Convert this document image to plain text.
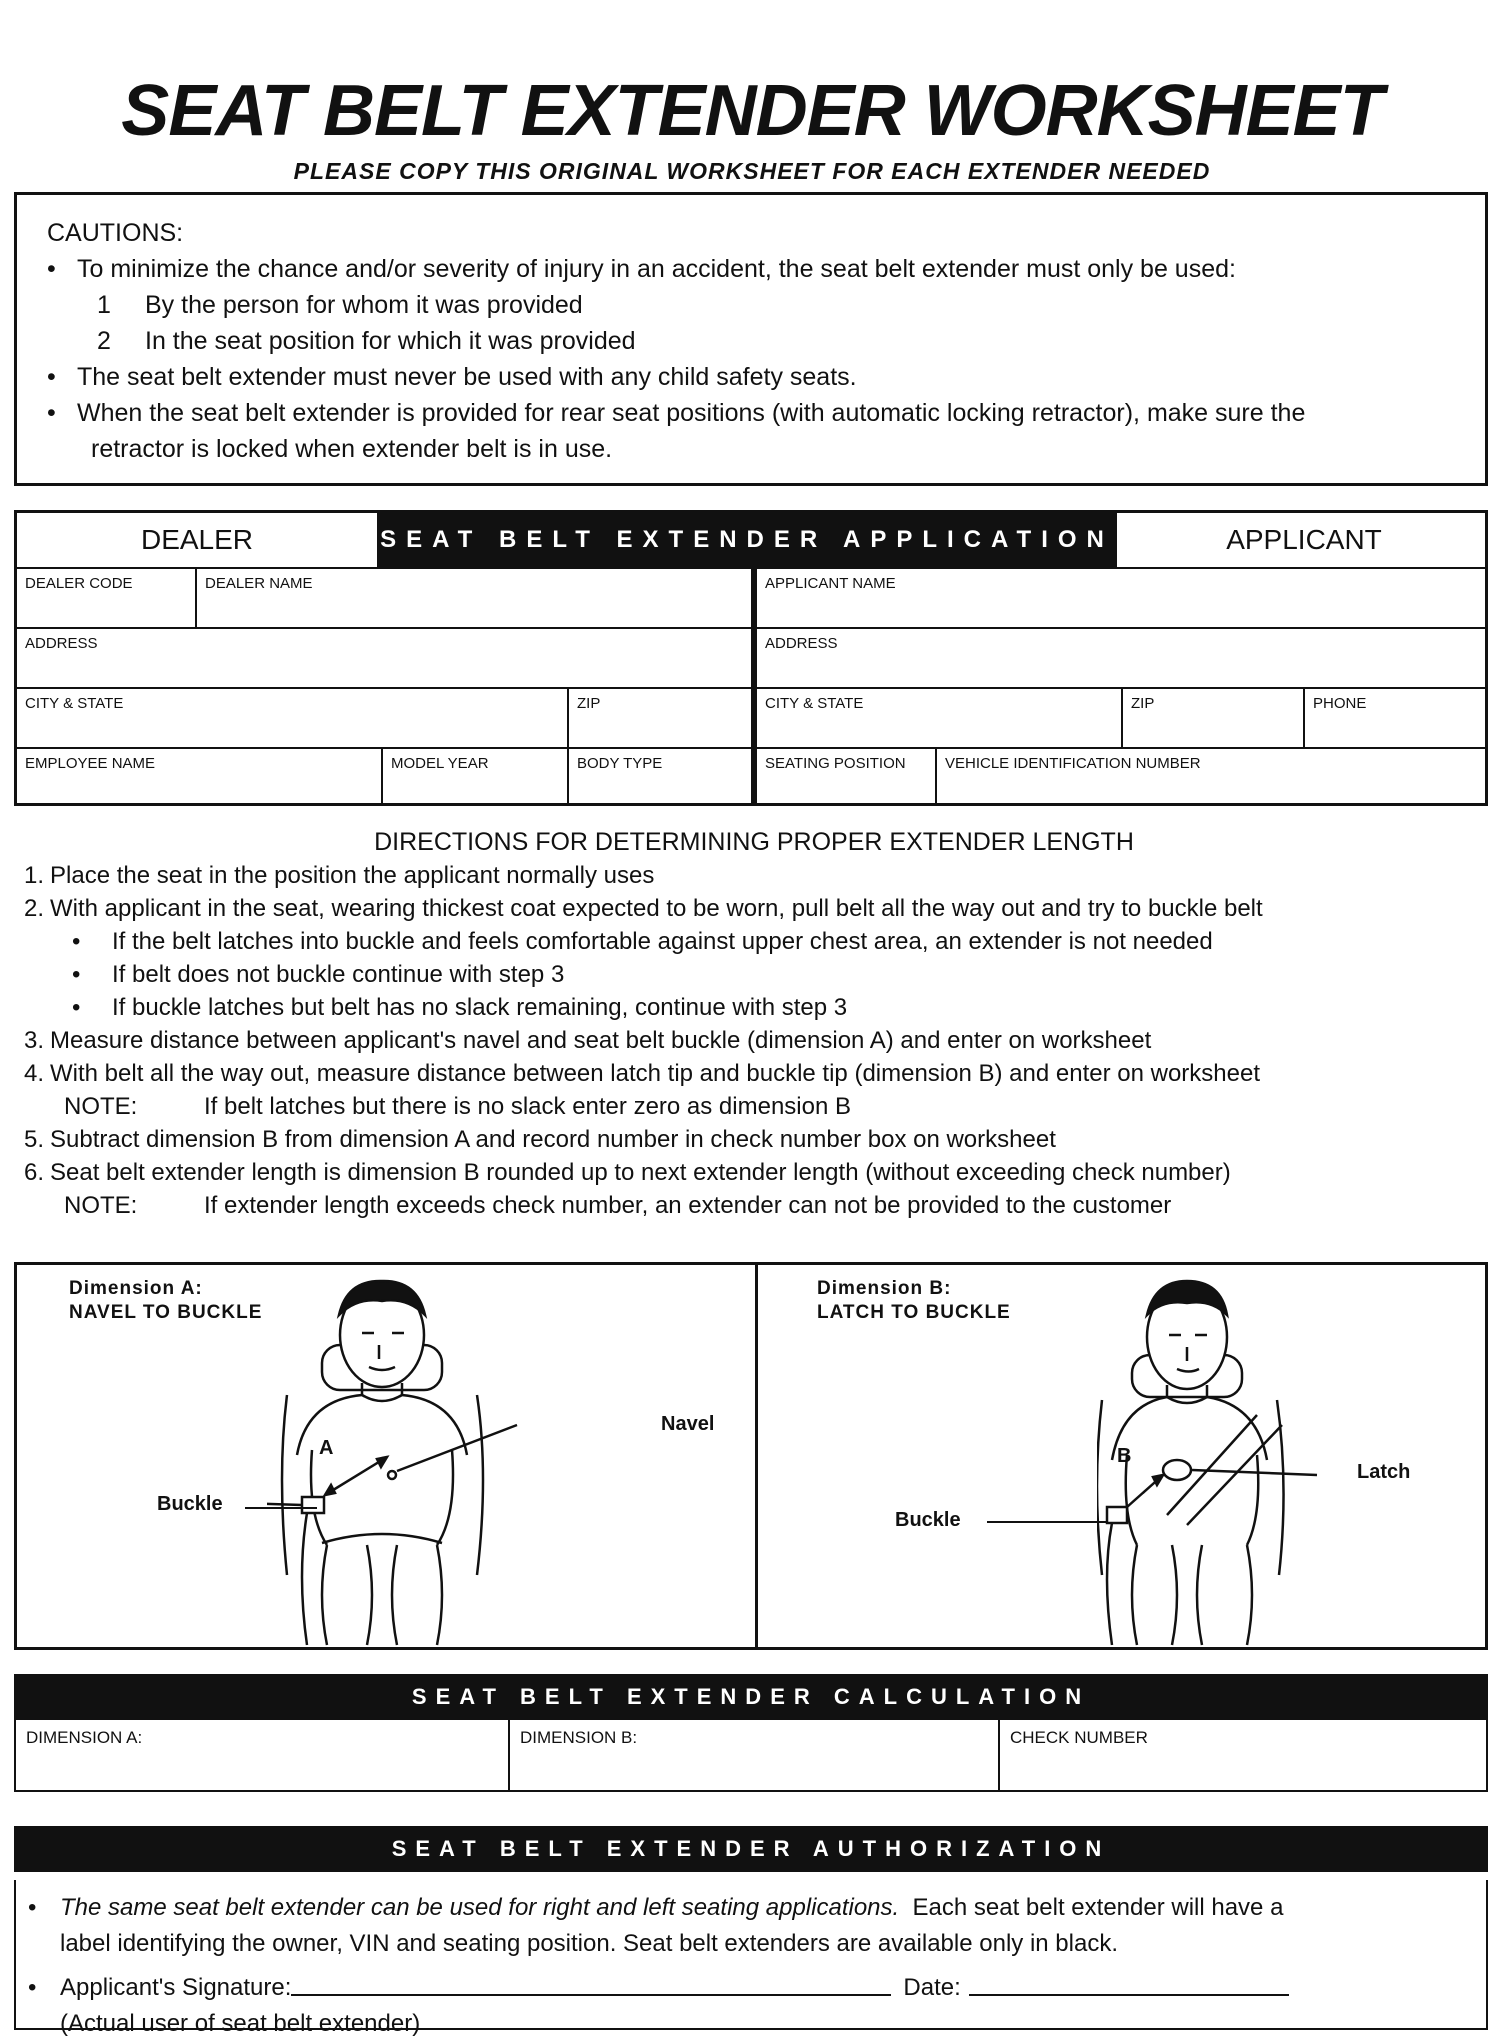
SEAT BELT EXTENDER WORKSHEET
PLEASE COPY THIS ORIGINAL WORKSHEET FOR EACH EXTENDER NEEDED
CAUTIONS:
• To minimize the chance and/or severity of injury in an accident, the seat belt extender must only be used:
1	By the person for whom it was provided
2	In the seat position for which it was provided
• The seat belt extender must never be used with any child safety seats.
• When the seat belt extender is provided for rear seat positions (with automatic locking retractor), make sure the
retractor is locked when extender belt is in use.
DEALER	SEAT BELT EXTENDER APPLICATION	APPLICANT
DEALER CODE	DEALER NAME
ADDRESS
CITY & STATE	ZIP
EMPLOYEE NAME	MODEL YEAR	BODY TYPE
APPLICANT NAME
ADDRESS
CITY & STATE	ZIP	PHONE
SEATING POSITION	VEHICLE IDENTIFICATION NUMBER
DIRECTIONS FOR DETERMINING PROPER EXTENDER LENGTH
1. Place the seat in the position the applicant normally uses
2. With applicant in the seat, wearing thickest coat expected to be worn, pull belt all the way out and try to buckle belt
•	If the belt latches into buckle and feels comfortable against upper chest area, an extender is not needed
•	If belt does not buckle continue with step 3
•	If buckle latches but belt has no slack remaining, continue with step 3
3. Measure distance between applicant's navel and seat belt buckle (dimension A) and enter on worksheet
4. With belt all the way out, measure distance between latch tip and buckle tip (dimension B) and enter on worksheet
NOTE:	If belt latches but there is no slack enter zero as dimension B
5. Subtract dimension B from dimension A and record number in check number box on worksheet
6. Seat belt extender length is dimension B rounded up to next extender length (without exceeding check number)
NOTE:	If extender length exceeds check number, an extender can not be provided to the customer
Dimension A:
NAVEL TO BUCKLE
A
Navel
Buckle
Dimension B:
LATCH TO BUCKLE
B
Latch
Buckle
SEAT BELT EXTENDER CALCULATION
DIMENSION A:	DIMENSION B:	CHECK NUMBER
SEAT BELT EXTENDER AUTHORIZATION
• The same seat belt extender can be used for right and left seating applications. Each seat belt extender will have a
label identifying the owner, VIN and seating position. Seat belt extenders are available only in black.
• Applicant's Signature:	Date:
(Actual user of seat belt extender)
